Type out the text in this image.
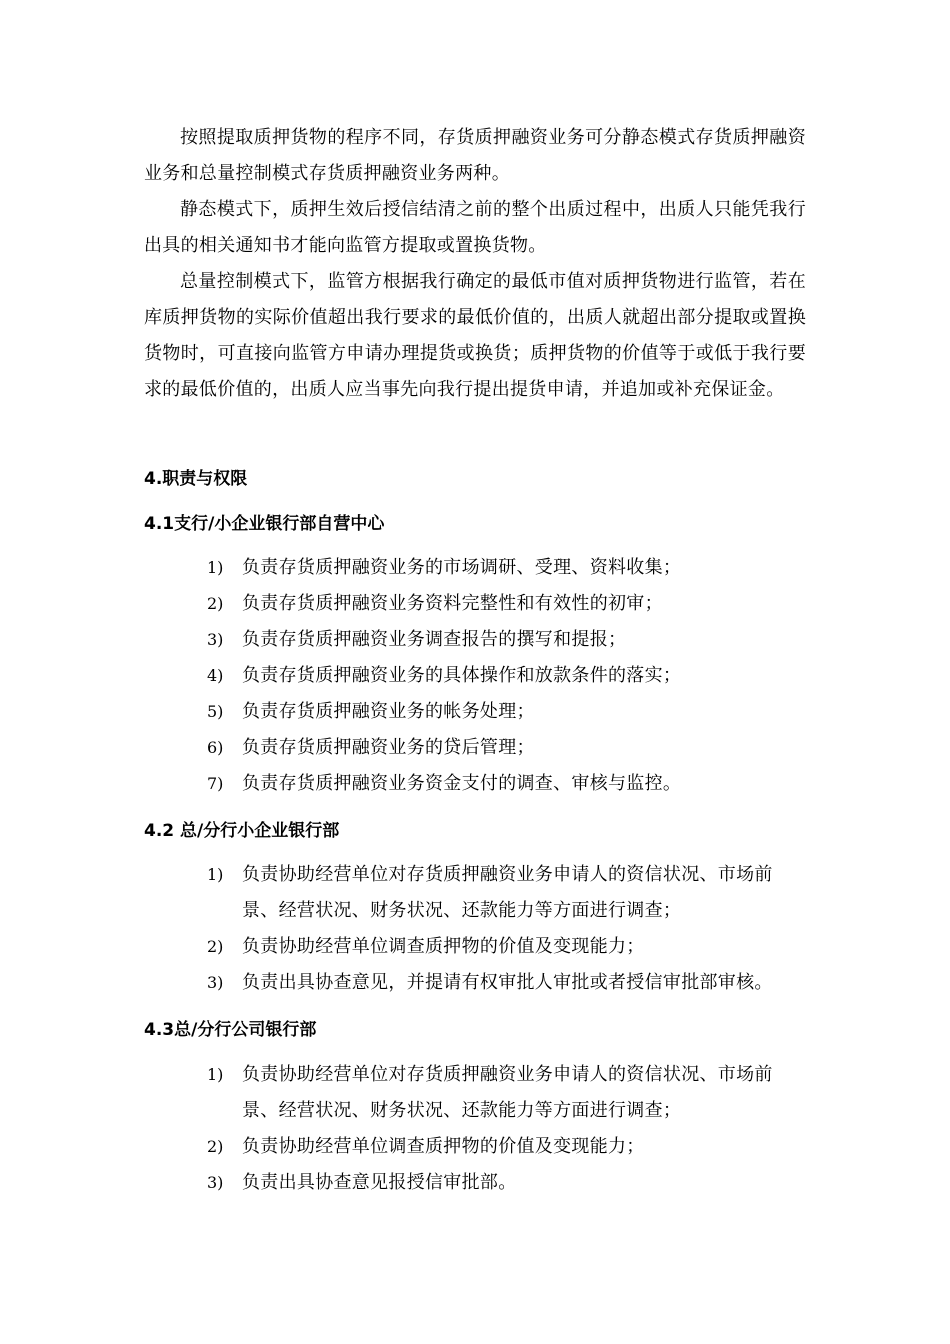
按照提取质押货物的程序不同，存货质押融资业务可分静态模式存货质押融资业务和总量控制模式存货质押融资业务两种。

静态模式下，质押生效后授信结清之前的整个出质过程中，出质人只能凭我行出具的相关通知书才能向监管方提取或置换货物。

总量控制模式下，监管方根据我行确定的最低市值对质押货物进行监管，若在库质押货物的实际价值超出我行要求的最低价值的，出质人就超出部分提取或置换货物时，可直接向监管方申请办理提货或换货；质押货物的价值等于或低于我行要求的最低价值的，出质人应当事先向我行提出提货申请，并追加或补充保证金。

4.职责与权限
4.1支行/小企业银行部自营中心
1)	负责存货质押融资业务的市场调研、受理、资料收集；
2)	负责存货质押融资业务资料完整性和有效性的初审；
3)	负责存货质押融资业务调查报告的撰写和提报；
4)	负责存货质押融资业务的具体操作和放款条件的落实；
5)	负责存货质押融资业务的帐务处理；
6)	负责存货质押融资业务的贷后管理；
7)	负责存货质押融资业务资金支付的调查、审核与监控。
4.2 总/分行小企业银行部
1)	负责协助经营单位对存货质押融资业务申请人的资信状况、市场前景、经营状况、财务状况、还款能力等方面进行调查；
2)	负责协助经营单位调查质押物的价值及变现能力；
3)	负责出具协查意见，并提请有权审批人审批或者授信审批部审核。
4.3总/分行公司银行部
1)	负责协助经营单位对存货质押融资业务申请人的资信状况、市场前景、经营状况、财务状况、还款能力等方面进行调查；
2)	负责协助经营单位调查质押物的价值及变现能力；
3)	负责出具协查意见报授信审批部。
